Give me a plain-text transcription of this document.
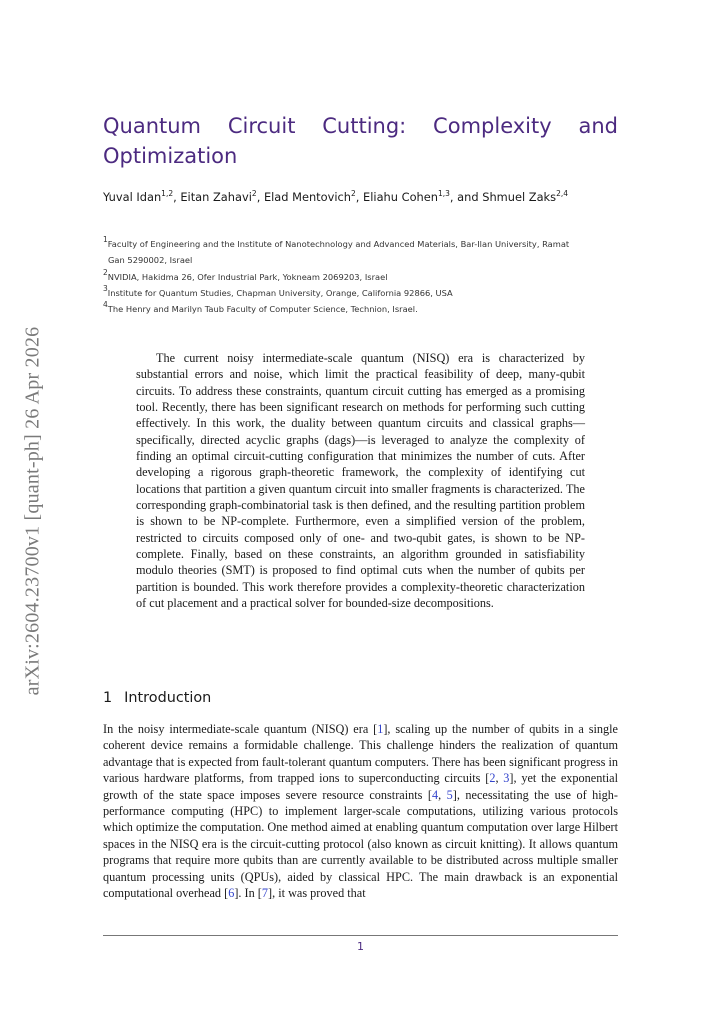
arXiv:2604.23700v1 [quant-ph] 26 Apr 2026
Quantum Circuit Cutting: Complexity and Optimization
Yuval Idan$^{1,2}$, Eitan Zahavi$^2$, Elad Mentovich$^2$, Eliahu Cohen$^{1,3}$, and Shmuel Zaks$^{2,4}$
$^1$Faculty of Engineering and the Institute of Nanotechnology and Advanced Materials, Bar-Ilan University, Ramat
Gan 5290002, Israel
$^2$NVIDIA, Hakidma 26, Ofer Industrial Park, Yokneam 2069203, Israel
$^3$Institute for Quantum Studies, Chapman University, Orange, California 92866, USA
$^4$The Henry and Marilyn Taub Faculty of Computer Science, Technion, Israel.

The current noisy intermediate-scale quantum (NISQ) era is characterized by substantial errors and noise, which limit the practical feasibility of deep, many-qubit circuits. To address these constraints, quantum circuit cutting has emerged as a promising tool. Recently, there has been significant research on methods for performing such cutting effectively. In this work, the duality between quantum circuits and classical graphs—specifically, directed acyclic graphs (dags)—is leveraged to analyze the complexity of finding an optimal circuit-cutting configuration that minimizes the number of cuts. After developing a rigorous graph-theoretic framework, the complexity of identifying cut locations that partition a given quantum circuit into smaller fragments is characterized. The corresponding graph-combinatorial task is then defined, and the resulting partition problem is shown to be NP-complete. Furthermore, even a simplified version of the problem, restricted to circuits composed only of one- and two-qubit gates, is shown to be NP-complete. Finally, based on these constraints, an algorithm grounded in satisfiability modulo theories (SMT) is proposed to find optimal cuts when the number of qubits per partition is bounded. This work therefore provides a complexity-theoretic characterization of cut placement and a practical solver for bounded-size decompositions.

1 Introduction

In the noisy intermediate-scale quantum (NISQ) era [1], scaling up the number of qubits in a single coherent device remains a formidable challenge. This challenge hinders the realization of quantum advantage that is expected from fault-tolerant quantum computers. There has been significant progress in various hardware platforms, from trapped ions to superconducting circuits [2, 3], yet the exponential growth of the state space imposes severe resource constraints [4, 5], necessitating the use of high-performance computing (HPC) to implement larger-scale computations, utilizing various protocols which optimize the computation. One method aimed at enabling quantum computation over large Hilbert spaces in the NISQ era is the circuit-cutting protocol (also known as circuit knitting). It allows quantum programs that require more qubits than are currently available to be distributed across multiple smaller quantum processing units (QPUs), aided by classical HPC. The main drawback is an exponential computational overhead [6]. In [7], it was proved that

1
